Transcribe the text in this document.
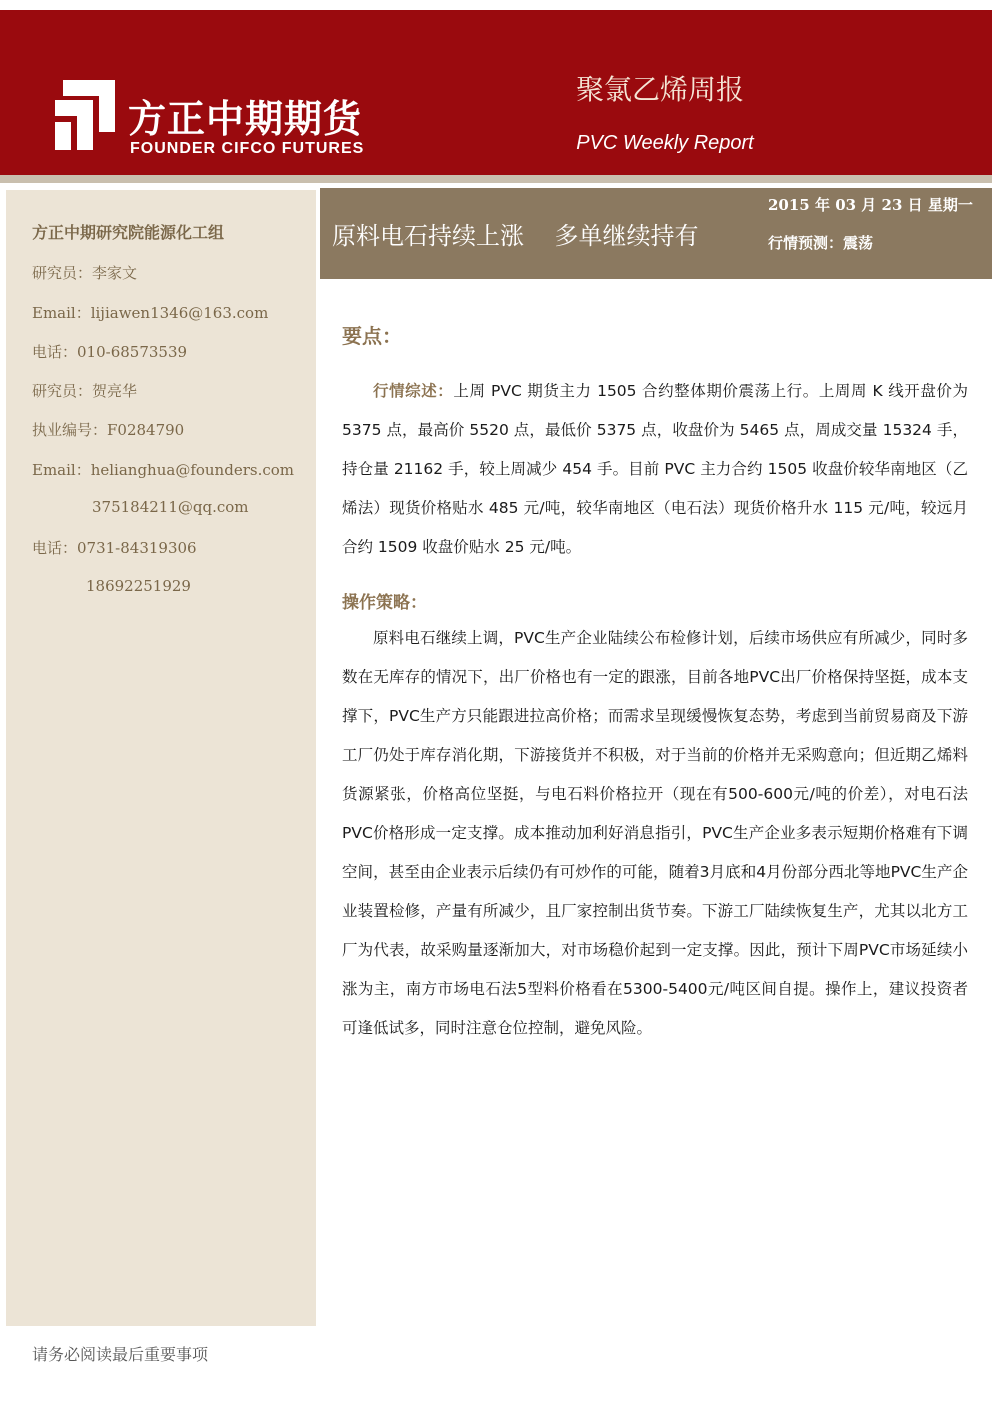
方正中期期货
FOUNDER CIFCO FUTURES
聚氯乙烯周报
PVC Weekly Report
方正中期研究院能源化工组
研究员：李家文
Email：lijiawen1346@163.com
电话：010-68573539
研究员：贺亮华
执业编号：F0284790
Email：helianghua@founders.com
375184211@qq.com
电话：0731-84319306
18692251929
原料电石持续上涨    多单继续持有
2015 年 03 月 23 日 星期一
行情预测：震荡
要点：

行情综述：上周 PVC 期货主力 1505 合约整体期价震荡上行。上周周 K 线开盘价为 5375 点，最高价 5520 点，最低价 5375 点，收盘价为 5465 点，周成交量 15324 手，持仓量 21162 手，较上周减少 454 手。目前 PVC 主力合约 1505 收盘价较华南地区（乙烯法）现货价格贴水 485 元/吨，较华南地区（电石法）现货价格升水 115 元/吨，较远月合约 1509 收盘价贴水 25 元/吨。

操作策略：

原料电石继续上调，PVC生产企业陆续公布检修计划，后续市场供应有所减少，同时多数在无库存的情况下，出厂价格也有一定的跟涨，目前各地PVC出厂价格保持坚挺，成本支撑下，PVC生产方只能跟进拉高价格；而需求呈现缓慢恢复态势，考虑到当前贸易商及下游工厂仍处于库存消化期，下游接货并不积极，对于当前的价格并无采购意向；但近期乙烯料货源紧张，价格高位坚挺，与电石料价格拉开（现在有500-600元/吨的价差），对电石法PVC价格形成一定支撑。成本推动加利好消息指引，PVC生产企业多表示短期价格难有下调空间，甚至由企业表示后续仍有可炒作的可能，随着3月底和4月份部分西北等地PVC生产企业装置检修，产量有所减少，且厂家控制出货节奏。下游工厂陆续恢复生产，尤其以北方工厂为代表，故采购量逐渐加大，对市场稳价起到一定支撑。因此，预计下周PVC市场延续小涨为主，南方市场电石法5型料价格看在5300-5400元/吨区间自提。操作上，建议投资者可逢低试多，同时注意仓位控制，避免风险。

请务必阅读最后重要事项
